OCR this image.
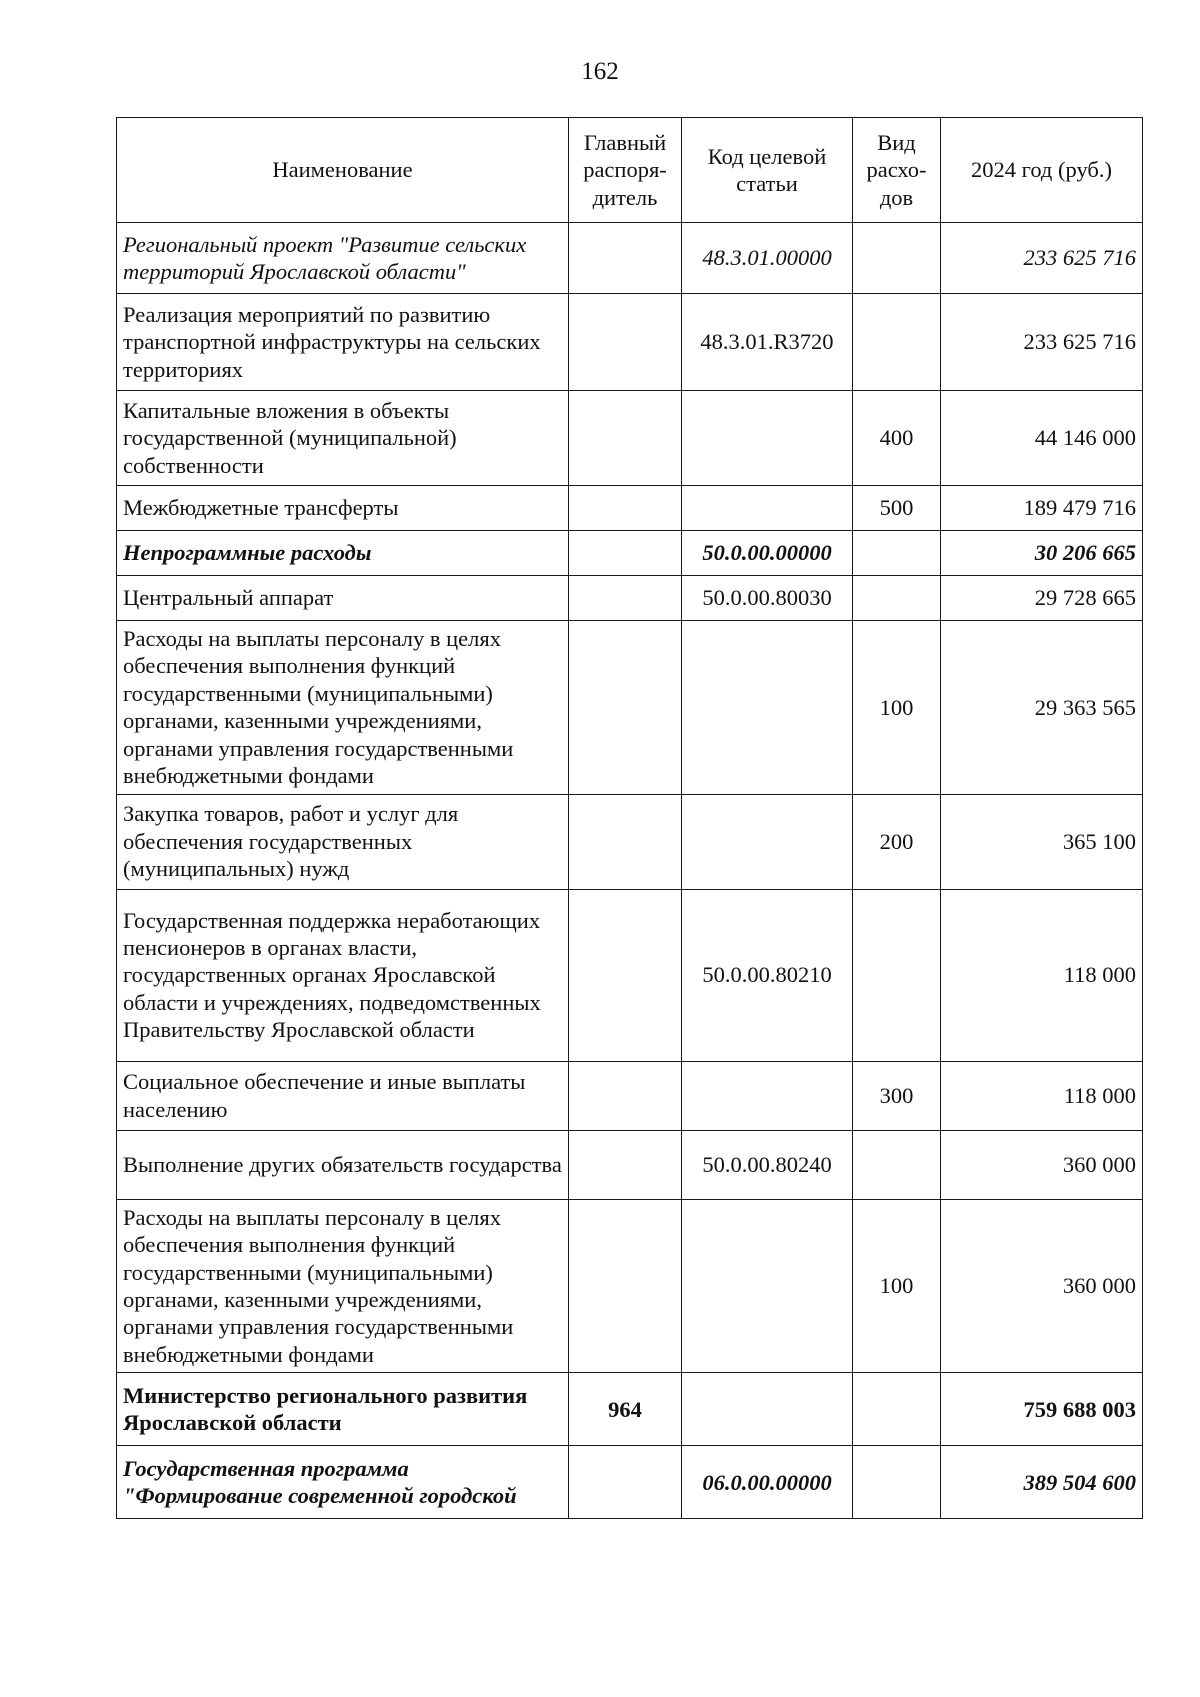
162
Наименование	Главный распоря-дитель	Код целевой статьи	Вид расхо-дов	2024 год (руб.)
Региональный проект "Развитие сельских территорий Ярославской области"		48.3.01.00000		233 625 716
Реализация мероприятий по развитию транспортной инфраструктуры на сельских территориях		48.3.01.R3720		233 625 716
Капитальные вложения в объекты государственной (муниципальной) собственности			400	44 146 000
Межбюджетные трансферты			500	189 479 716
Непрограммные расходы		50.0.00.00000		30 206 665
Центральный аппарат		50.0.00.80030		29 728 665
Расходы на выплаты персоналу в целях обеспечения выполнения функций государственными (муниципальными) органами, казенными учреждениями, органами управления государственными внебюджетными фондами			100	29 363 565
Закупка товаров, работ и услуг для обеспечения государственных (муниципальных) нужд			200	365 100
Государственная поддержка неработающих пенсионеров в органах власти, государственных органах Ярославской области и учреждениях, подведомственных Правительству Ярославской области		50.0.00.80210		118 000
Социальное обеспечение и иные выплаты населению			300	118 000
Выполнение других обязательств государства		50.0.00.80240		360 000
Расходы на выплаты персоналу в целях обеспечения выполнения функций государственными (муниципальными) органами, казенными учреждениями, органами управления государственными внебюджетными фондами			100	360 000
Министерство регионального развития Ярославской области	964			759 688 003
Государственная программа "Формирование современной городской		06.0.00.00000		389 504 600
